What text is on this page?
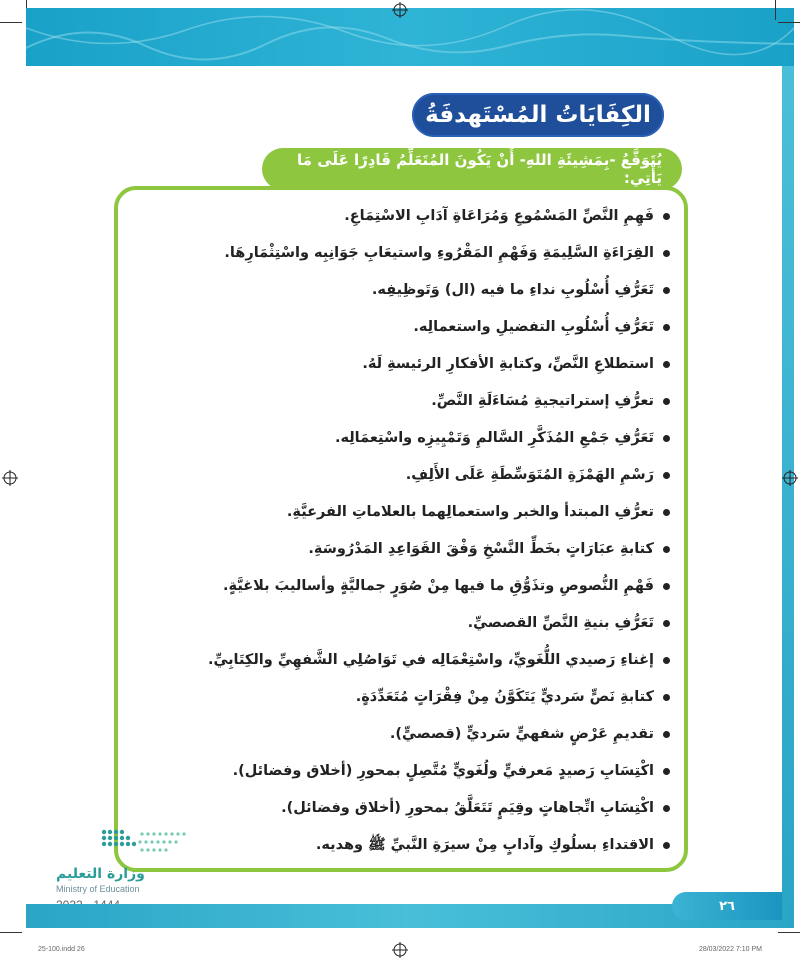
الكِفَايَاتُ المُسْتَهدفَةُ
يُتَوَقَّعُ -بِمَشِيئَةِ اللهِ- أَنْ يَكُونَ المُتَعَلِّمُ قَادِرًا عَلَى مَا يَأْتِي:
فَهِمِ النَّصِّ المَسْمُوعِ وَمُرَاعَاةِ آدَابِ الاسْتِمَاعِ.
القِرَاءَةِ السَّلِيمَةِ وَفَهْمِ المَقْرُوءِ واستيعَابِ جَوَانِبِه واسْتِثْمَارِهَا.
تَعَرُّفِ أُسْلُوبِ نداءِ ما فيه (ال) وَتَوظِيفِه.
تَعَرُّفِ أُسْلُوبِ التفضيلِ واستعمالِه.
استطلاعِ النَّصِّ، وكتابةِ الأفكارِ الرئيسةِ لَهُ.
تعرُّفِ إستراتيجيةِ مُسَاءَلَةِ النَّصِّ.
تَعَرُّفِ جَمْعِ المُذَكَّرِ السَّالمِ وَتَمْيِيزِه واسْتِعمَالِه.
رَسْمِ الهَمْزَةِ المُتَوَسِّطَةِ عَلَى الأَلِفِ.
تعرُّفِ المبتدأ والخبر واستعمالِهما بالعلاماتِ الفرعيَّةِ.
كتابةِ عبَارَاتٍ بخَطِّ النَّسْخِ وَفْقَ القَوَاعِدِ المَدْرُوسَةِ.
فَهْمِ النُّصوصِ وتذَوُّقِ ما فيها مِنْ صُوَرٍ جماليَّةٍ وأساليبَ بلاغيَّةٍ.
تَعَرُّفِ بنيةِ النَّصِّ القصصيِّ.
إغناءِ رَصيدي اللُّغَويِّ، واسْتِعْمَالِه في تَوَاصُلِي الشَّفهِيِّ والكِتَابِيِّ.
كتابةِ نَصٍّ سَرديٍّ يَتَكَوَّنُ مِنْ فِقْرَاتٍ مُتَعَدِّدَةٍ.
تقديمِ عَرْضٍ شفهيٍّ سَرديٍّ (قصصيٍّ).
اكْتِسَابِ رَصيدٍ مَعرفيٍّ ولُغَويٍّ مُتَّصِلٍ بمحورِ (أخلاق وفضائل).
اكْتِسَابِ اتِّجاهاتٍ وقِيَمٍ تَتَعَلَّقُ بمحورِ (أخلاق وفضائل).
الاقتداءِ بسلُوكِ وآدابٍ مِنْ سيرَةِ النَّبيِّ ﷺ وهديه.
وزارة التعليم
Ministry of Education
٢٦
25-100.indd 26	28/03/2022 7:10 PM
